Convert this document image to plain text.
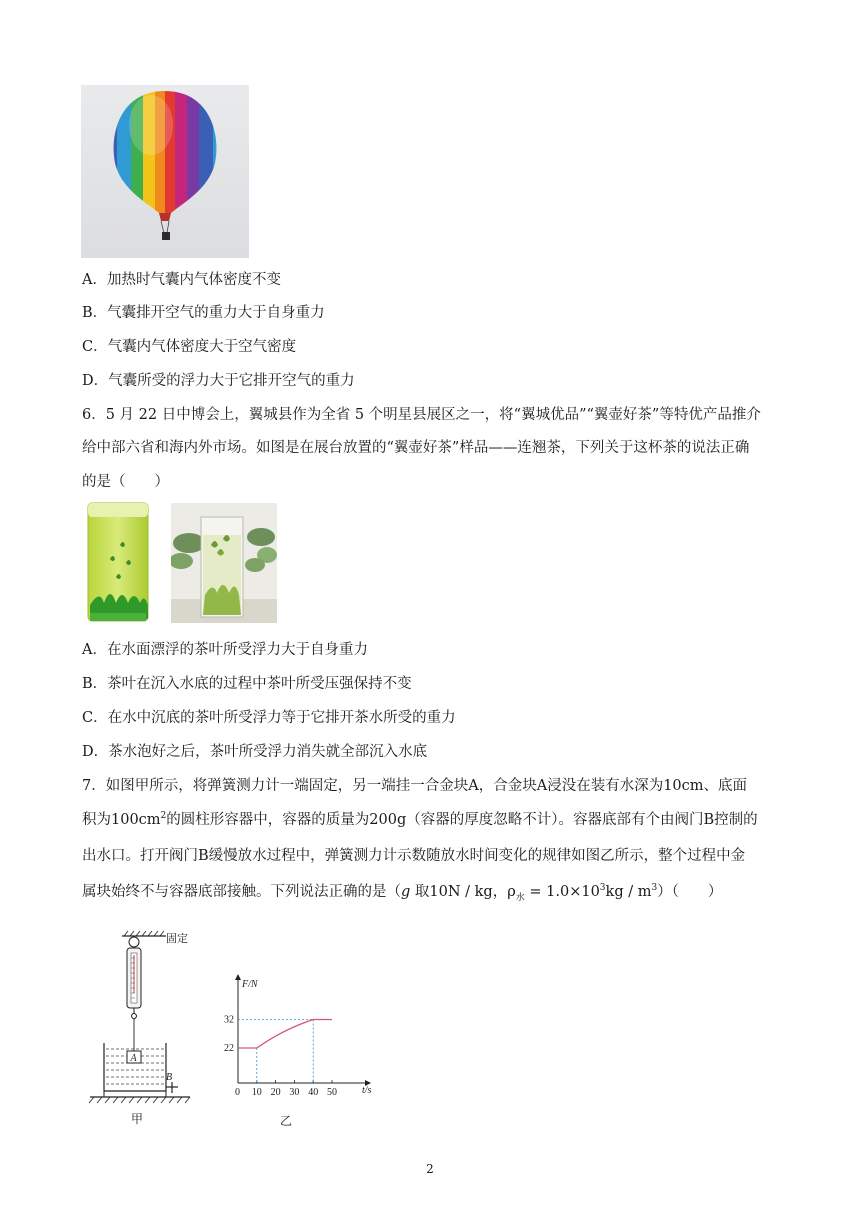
A．加热时气囊内气体密度不变
B．气囊排开空气的重力大于自身重力
C．气囊内气体密度大于空气密度
D．气囊所受的浮力大于它排开空气的重力
6．5 月 22 日中博会上，翼城县作为全省 5 个明星县展区之一，将“翼城优品”“翼壶好茶”等特优产品推介
给中部六省和海内外市场。如图是在展台放置的“翼壶好茶”样品——连翘茶，下列关于这杯茶的说法正确
的是（　　）
A．在水面漂浮的茶叶所受浮力大于自身重力
B．茶叶在沉入水底的过程中茶叶所受压强保持不变
C．在水中沉底的茶叶所受浮力等于它排开茶水所受的重力
D．茶水泡好之后，茶叶所受浮力消失就全部沉入水底
7．如图甲所示，将弹簧测力计一端固定，另一端挂一合金块A，合金块A浸没在装有水深为10cm、底面
积为$100cm^2$的圆柱形容器中，容器的质量为200g（容器的厚度忽略不计）。容器底部有个由阀门B控制的
出水口。打开阀门B缓慢放水过程中，弹簧测力计示数随放水时间变化的规律如图乙所示，整个过程中金
属块始终不与容器底部接触。下列说法正确的是（g 取10N / kg，$\rho_水 = 1.0\times 10^3kg / m^3$）（　　）
固定
A
B
甲
F/N
t/s
0 10 20 30 40 50
22
32
乙
2
